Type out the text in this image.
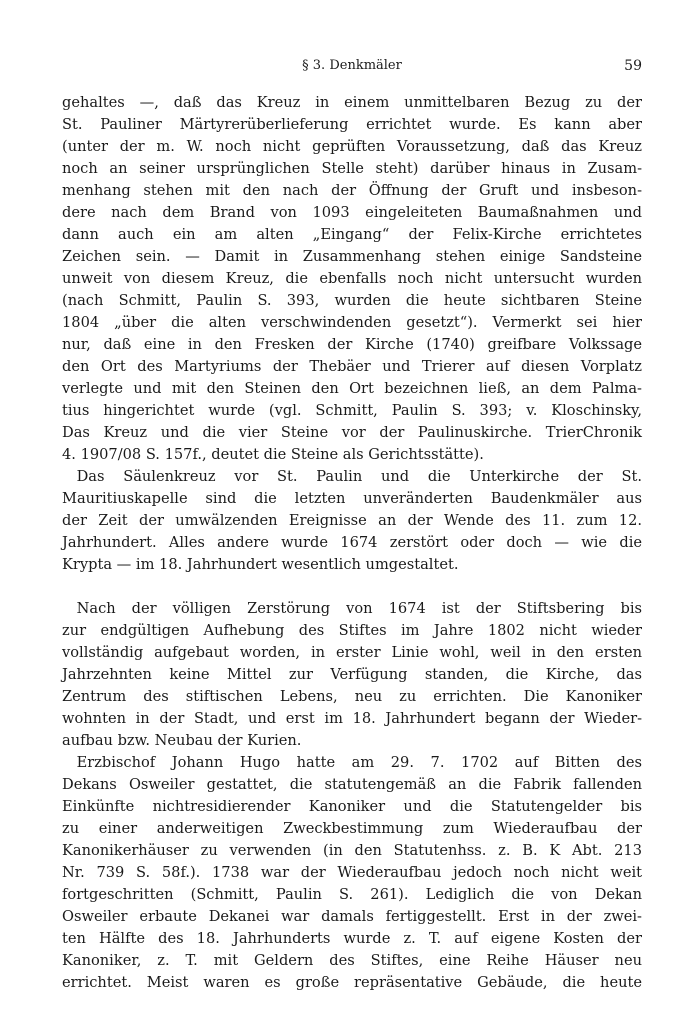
§ 3. Denkmäler	59
gehaltes —, daß das Kreuz in einem unmittelbaren Bezug zu der
St. Pauliner Märtyrerüberlieferung errichtet wurde. Es kann aber
(unter der m. W. noch nicht geprüften Voraussetzung, daß das Kreuz
noch an seiner ursprünglichen Stelle steht) darüber hinaus in Zusam-
menhang stehen mit den nach der Öffnung der Gruft und insbeson-
dere nach dem Brand von 1093 eingeleiteten Baumaßnahmen und
dann auch ein am alten „Eingang“ der Felix-Kirche errichtetes
Zeichen sein. — Damit in Zusammenhang stehen einige Sandsteine
unweit von diesem Kreuz, die ebenfalls noch nicht untersucht wurden
(nach Schmitt, Paulin S. 393, wurden die heute sichtbaren Steine
1804 „über die alten verschwindenden gesetzt“). Vermerkt sei hier
nur, daß eine in den Fresken der Kirche (1740) greifbare Volkssage
den Ort des Martyriums der Thebäer und Trierer auf diesen Vorplatz
verlegte und mit den Steinen den Ort bezeichnen ließ, an dem Palma-
tius hingerichtet wurde (vgl. Schmitt, Paulin S. 393; v. Kloschinsky,
Das Kreuz und die vier Steine vor der Paulinuskirche. TrierChronik
4. 1907/08 S. 157f., deutet die Steine als Gerichtsstätte).
 Das Säulenkreuz vor St. Paulin und die Unterkirche der St.
Mauritiuskapelle sind die letzten unveränderten Baudenkmäler aus
der Zeit der umwälzenden Ereignisse an der Wende des 11. zum 12.
Jahrhundert. Alles andere wurde 1674 zerstört oder doch — wie die
Krypta — im 18. Jahrhundert wesentlich umgestaltet.
 Nach der völligen Zerstörung von 1674 ist der Stiftsbering bis
zur endgültigen Aufhebung des Stiftes im Jahre 1802 nicht wieder
vollständig aufgebaut worden, in erster Linie wohl, weil in den ersten
Jahrzehnten keine Mittel zur Verfügung standen, die Kirche, das
Zentrum des stiftischen Lebens, neu zu errichten. Die Kanoniker
wohnten in der Stadt, und erst im 18. Jahrhundert begann der Wieder-
aufbau bzw. Neubau der Kurien.
 Erzbischof Johann Hugo hatte am 29. 7. 1702 auf Bitten des
Dekans Osweiler gestattet, die statutengemäß an die Fabrik fallenden
Einkünfte nichtresidierender Kanoniker und die Statutengelder bis
zu einer anderweitigen Zweckbestimmung zum Wiederaufbau der
Kanonikerhäuser zu verwenden (in den Statutenhss. z. B. K Abt. 213
Nr. 739 S. 58f.). 1738 war der Wiederaufbau jedoch noch nicht weit
fortgeschritten (Schmitt, Paulin S. 261). Lediglich die von Dekan
Osweiler erbaute Dekanei war damals fertiggestellt. Erst in der zwei-
ten Hälfte des 18. Jahrhunderts wurde z. T. auf eigene Kosten der
Kanoniker, z. T. mit Geldern des Stiftes, eine Reihe Häuser neu
errichtet. Meist waren es große repräsentative Gebäude, die heute
